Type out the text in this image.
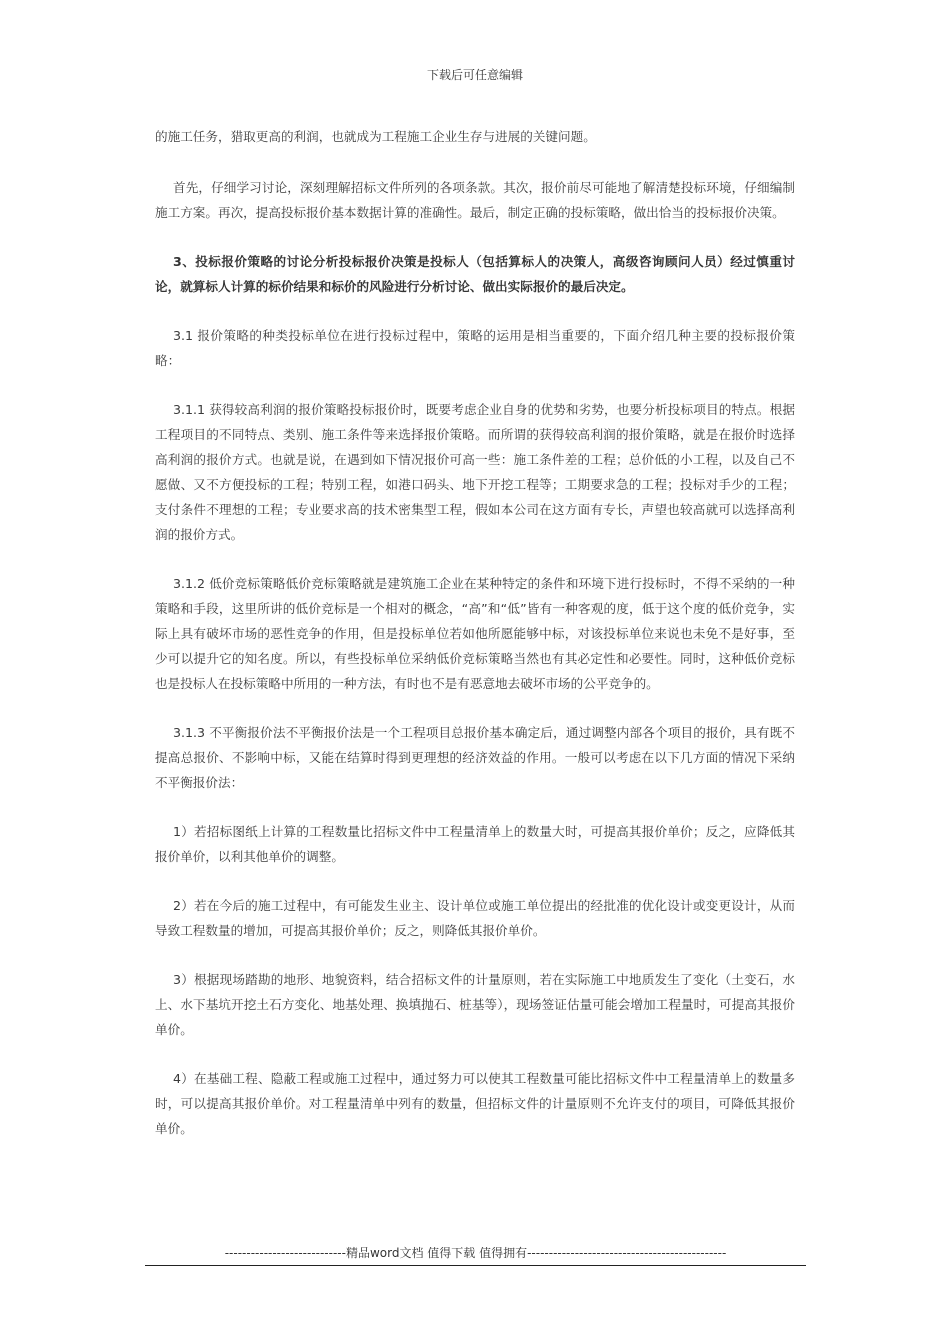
下载后可任意编辑

的施工任务，猎取更高的利润，也就成为工程施工企业生存与进展的关键问题。

首先，仔细学习讨论，深刻理解招标文件所列的各项条款。其次，报价前尽可能地了解清楚投标环境，仔细编制施工方案。再次，提高投标报价基本数据计算的准确性。最后，制定正确的投标策略，做出恰当的投标报价决策。

3、投标报价策略的讨论分析投标报价决策是投标人（包括算标人的决策人，高级咨询顾问人员）经过慎重讨论，就算标人计算的标价结果和标价的风险进行分析讨论、做出实际报价的最后决定。

3.1 报价策略的种类投标单位在进行投标过程中，策略的运用是相当重要的，下面介绍几种主要的投标报价策略：

3.1.1 获得较高利润的报价策略投标报价时，既要考虑企业自身的优势和劣势，也要分析投标项目的特点。根据工程项目的不同特点、类别、施工条件等来选择报价策略。而所谓的获得较高利润的报价策略，就是在报价时选择高利润的报价方式。也就是说，在遇到如下情况报价可高一些：施工条件差的工程；总价低的小工程，以及自己不愿做、又不方便投标的工程；特别工程，如港口码头、地下开挖工程等；工期要求急的工程；投标对手少的工程；支付条件不理想的工程；专业要求高的技术密集型工程，假如本公司在这方面有专长，声望也较高就可以选择高利润的报价方式。

3.1.2 低价竞标策略低价竞标策略就是建筑施工企业在某种特定的条件和环境下进行投标时，不得不采纳的一种策略和手段，这里所讲的低价竞标是一个相对的概念，“高”和“低”皆有一种客观的度，低于这个度的低价竞争，实际上具有破坏市场的恶性竞争的作用，但是投标单位若如他所愿能够中标，对该投标单位来说也未免不是好事，至少可以提升它的知名度。所以，有些投标单位采纳低价竞标策略当然也有其必定性和必要性。同时，这种低价竞标也是投标人在投标策略中所用的一种方法，有时也不是有恶意地去破坏市场的公平竞争的。

3.1.3 不平衡报价法不平衡报价法是一个工程项目总报价基本确定后，通过调整内部各个项目的报价，具有既不提高总报价、不影响中标，又能在结算时得到更理想的经济效益的作用。一般可以考虑在以下几方面的情况下采纳不平衡报价法：

1）若招标图纸上计算的工程数量比招标文件中工程量清单上的数量大时，可提高其报价单价；反之，应降低其报价单价，以利其他单价的调整。

2）若在今后的施工过程中，有可能发生业主、设计单位或施工单位提出的经批准的优化设计或变更设计，从而导致工程数量的增加，可提高其报价单价；反之，则降低其报价单价。

3）根据现场踏勘的地形、地貌资料，结合招标文件的计量原则，若在实际施工中地质发生了变化（土变石，水上、水下基坑开挖土石方变化、地基处理、换填抛石、桩基等），现场签证估量可能会增加工程量时，可提高其报价单价。

4）在基础工程、隐蔽工程或施工过程中，通过努力可以使其工程数量可能比招标文件中工程量清单上的数量多时，可以提高其报价单价。对工程量清单中列有的数量，但招标文件的计量原则不允许支付的项目，可降低其报价单价。

----------------------------精品word文档 值得下载 值得拥有----------------------------------------------
